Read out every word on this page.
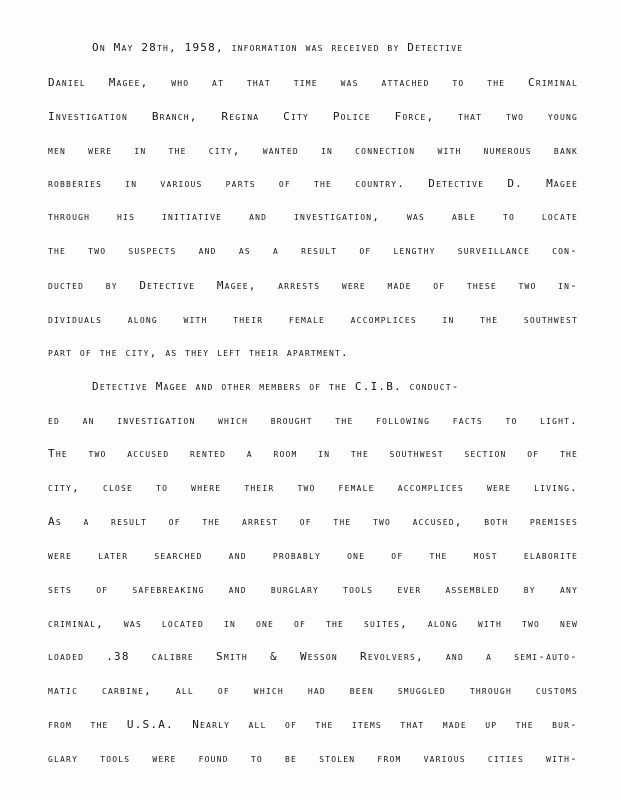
On May 28th, 1958, information was received by Detective
Daniel Magee, who at that time was attached to the Criminal
Investigation Branch, Regina City Police Force, that two young
men were in the city, wanted in connection with numerous bank
robberies in various parts of the country. Detective D. Magee
through his initiative and investigation, was able to locate
the two suspects and as a result of lengthy surveillance con-
ducted by Detective Magee, arrests were made of these two in-
dividuals along with their female accomplices in the southwest
part of the city, as they left their apartment.
Detective Magee and other members of the C.I.B. conduct-
ed an investigation which brought the following facts to light.
The two accused rented a room in the southwest section of the
city, close to where their two female accomplices were living.
As a result of the arrest of the two accused, both premises
were later searched and probably one of the most elaborite
sets of safebreaking and burglary tools ever assembled by any
criminal, was located in one of the suites, along with two new
loaded .38 calibre Smith & Wesson Revolvers, and a semi-auto-
matic carbine, all of which had been smuggled through customs
from the U.S.A. Nearly all of the items that made up the bur-
glary tools were found to be stolen from various cities with-
